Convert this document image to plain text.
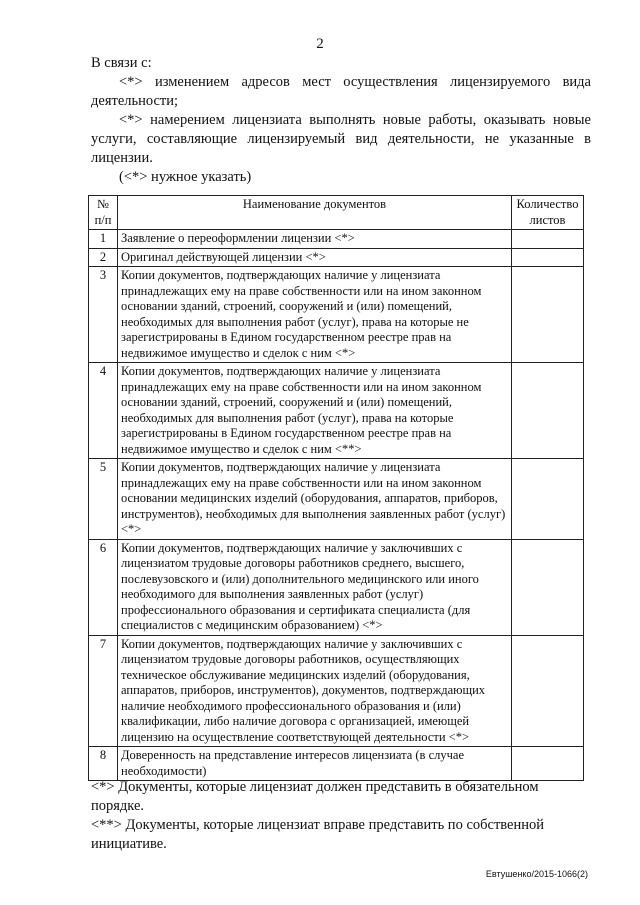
2
В связи с:
<*> изменением адресов мест осуществления лицензируемого вида деятельности;
<*> намерением лицензиата выполнять новые работы, оказывать новые услуги, составляющие лицензируемый вид деятельности, не указанные в лицензии.
(<*> нужное указать)
№ п/п	Наименование документов	Количество листов
1	Заявление о переоформлении лицензии <*>	
2	Оригинал действующей лицензии <*>	
3	Копии документов, подтверждающих наличие у лицензиата принадлежащих ему на праве собственности или на ином законном основании зданий, строений, сооружений и (или) помещений, необходимых для выполнения работ (услуг), права на которые не зарегистрированы в Едином государственном реестре прав на недвижимое имущество и сделок с ним <*>	
4	Копии документов, подтверждающих наличие у лицензиата принадлежащих ему на праве собственности или на ином законном основании зданий, строений, сооружений и (или) помещений, необходимых для выполнения работ (услуг), права на которые зарегистрированы в Едином государственном реестре прав на недвижимое имущество и сделок с ним <**>	
5	Копии документов, подтверждающих наличие у лицензиата принадлежащих ему на праве собственности или на ином законном основании медицинских изделий (оборудования, аппаратов, приборов, инструментов), необходимых для выполнения заявленных работ (услуг) <*>	
6	Копии документов, подтверждающих наличие у заключивших с лицензиатом трудовые договоры работников среднего, высшего, послевузовского и (или) дополнительного медицинского или иного необходимого для выполнения заявленных работ (услуг) профессионального образования и сертификата специалиста (для специалистов с медицинским образованием) <*>	
7	Копии документов, подтверждающих наличие у заключивших с лицензиатом трудовые договоры работников, осуществляющих техническое обслуживание медицинских изделий (оборудования, аппаратов, приборов, инструментов), документов, подтверждающих наличие необходимого профессионального образования и (или) квалификации, либо наличие договора с организацией, имеющей лицензию на осуществление соответствующей деятельности <*>	
8	Доверенность на представление интересов лицензиата (в случае необходимости)	
<*> Документы, которые лицензиат должен представить в обязательном порядке.
<**> Документы, которые лицензиат вправе представить по собственной инициативе.
Евтушенко/2015-1066(2)
